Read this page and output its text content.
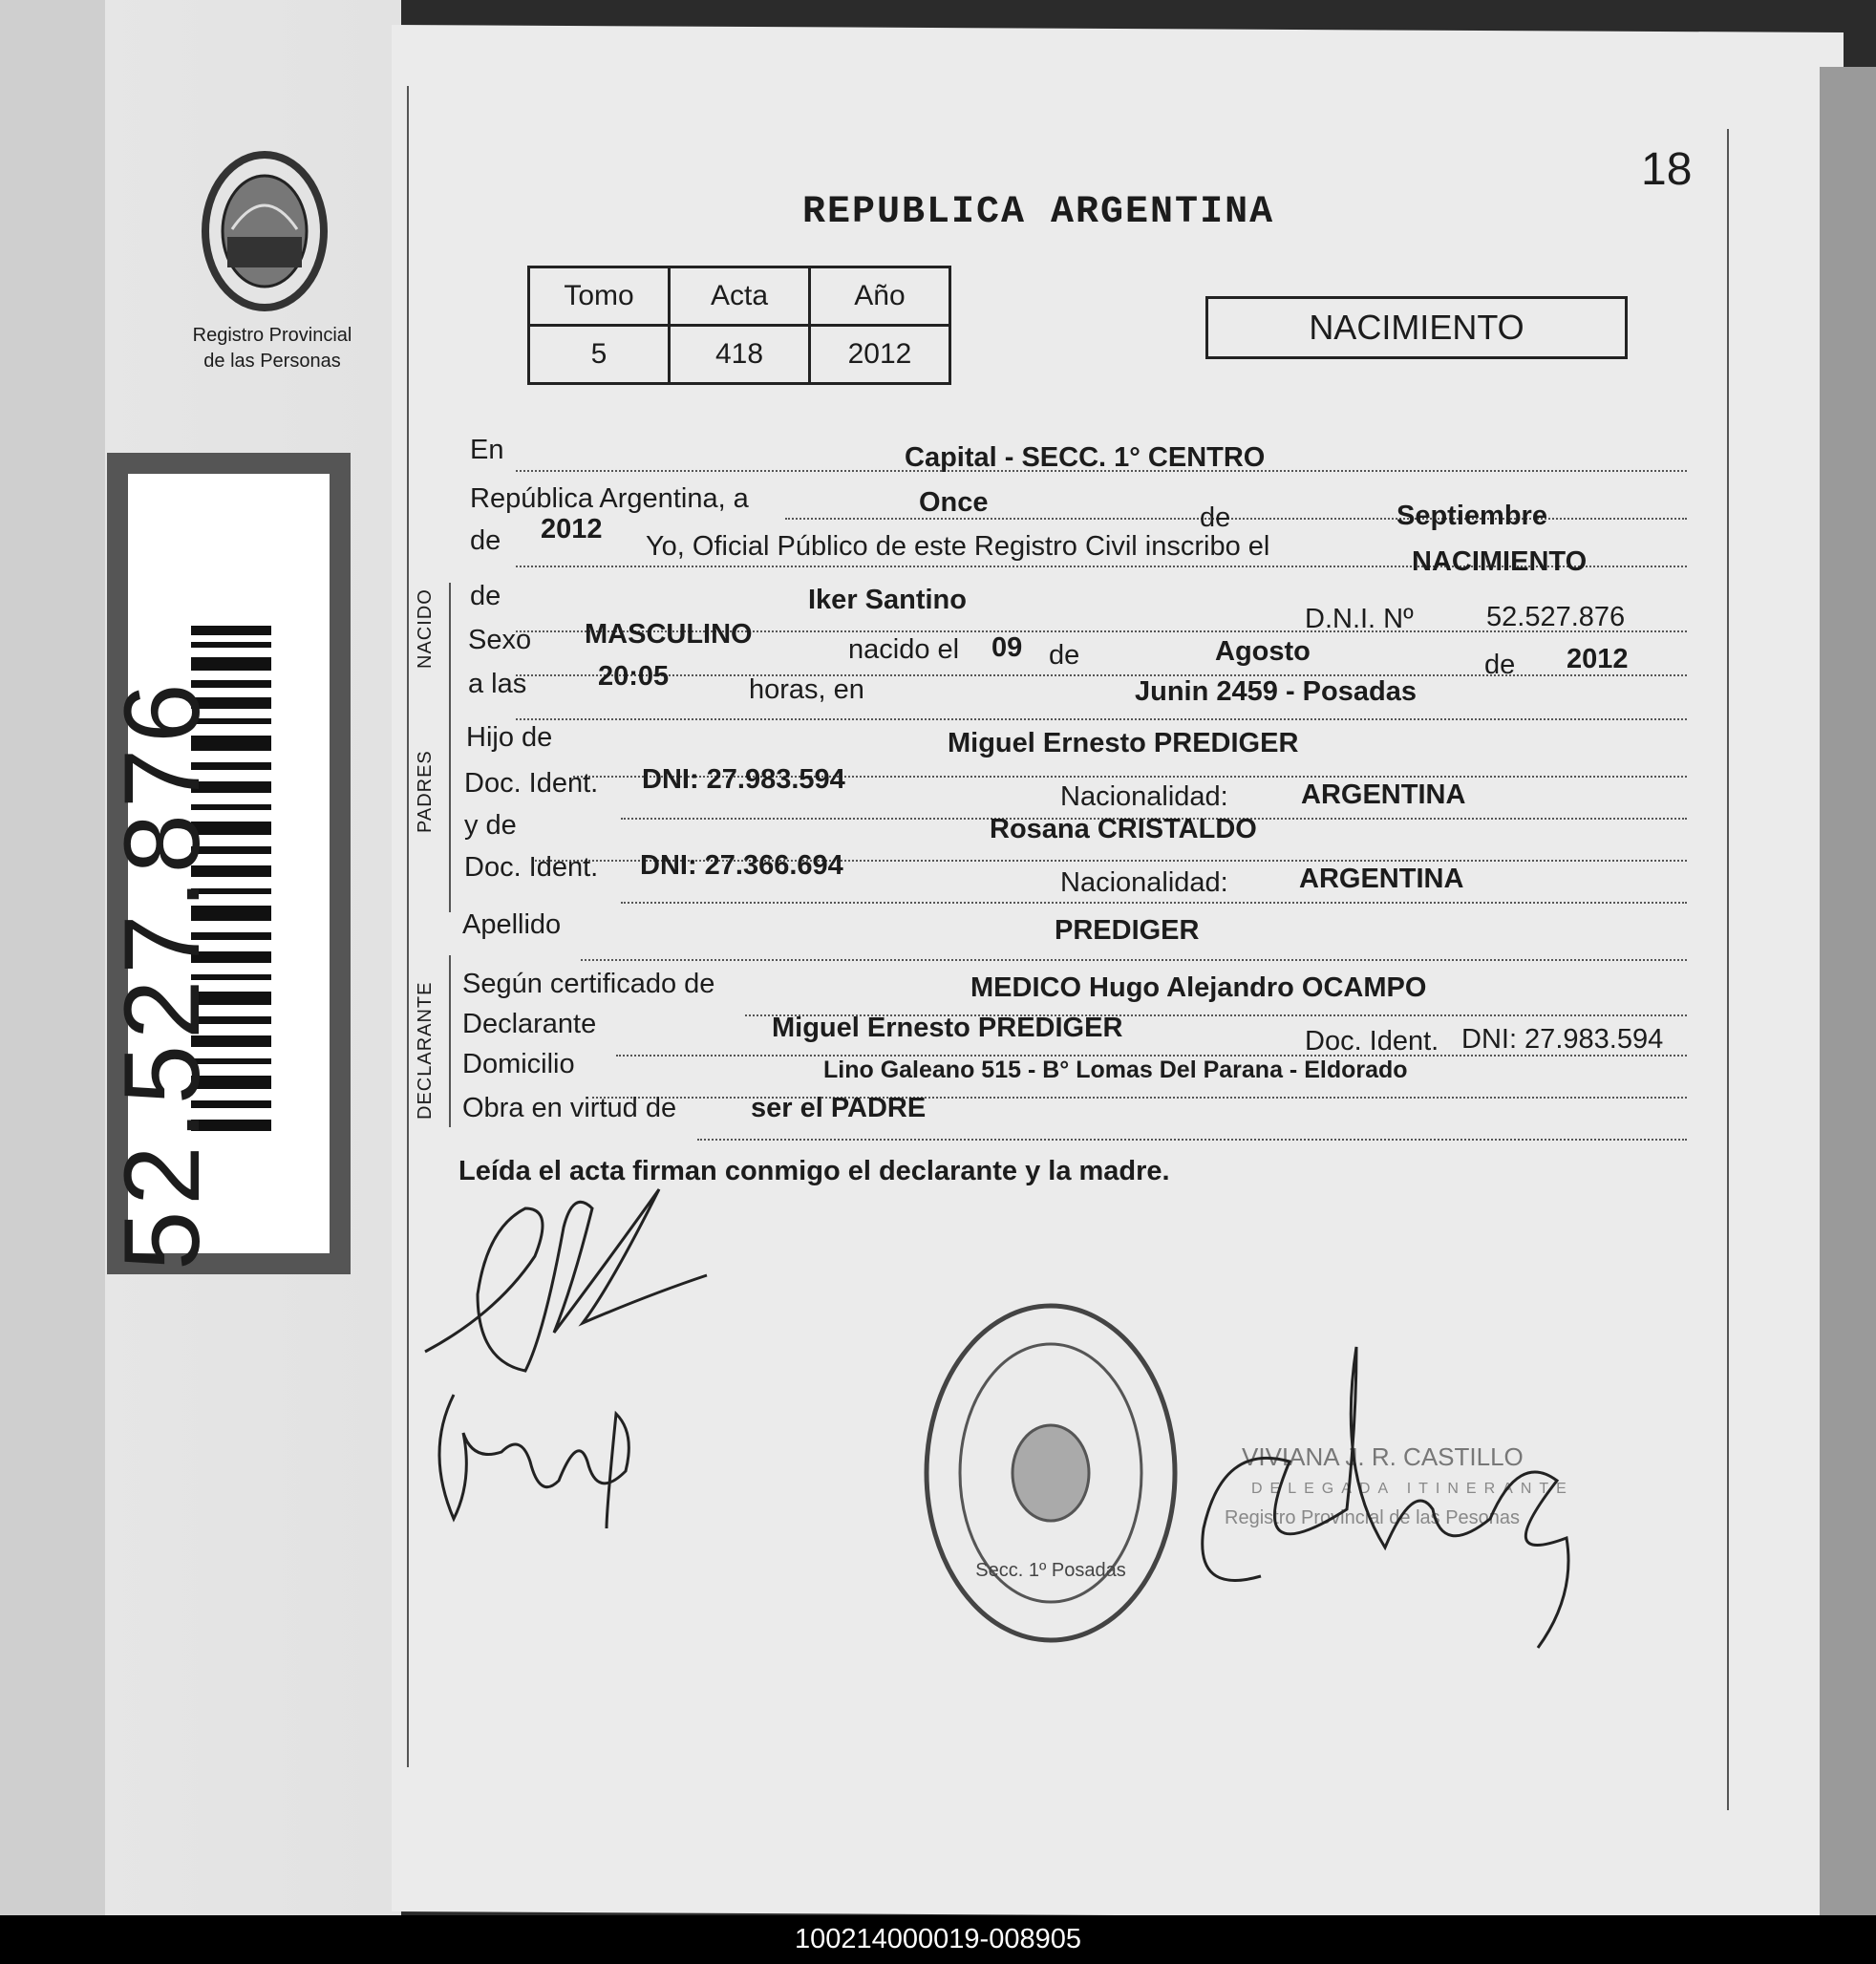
Registro Provincial
de las Personas
52.527.876
18
REPUBLICA ARGENTINA
Tomo	Acta	Año
5	418	2012
NACIMIENTO
NACIDO
PADRES
DECLARANTE
En	Capital - SECC. 1° CENTRO
República Argentina, a	Once	de	Septiembre
de 2012
Yo, Oficial Público de este Registro Civil inscribo el	NACIMIENTO
de	Iker Santino
D.N.I. Nº	52.527.876
Sexo MASCULINO	nacido el 09 de	Agosto	de 2012
a las	20:05	horas, en	Junin 2459 - Posadas
Hijo de	Miguel Ernesto PREDIGER
Doc. Ident. DNI: 27.983.594
Nacionalidad:	ARGENTINA
y de	Rosana CRISTALDO
Doc. Ident. DNI: 27.366.694
Nacionalidad:	ARGENTINA
Apellido	PREDIGER
Según certificado de	MEDICO Hugo Alejandro OCAMPO
Declarante	Miguel Ernesto PREDIGER	Doc. Ident. DNI: 27.983.594
Domicilio	Lino Galeano 515 - B° Lomas Del Parana - Eldorado
Obra en virtud de	ser el PADRE
Leída el acta firman conmigo el declarante y la madre.
Secc. 1º Posadas
VIVIANA J. R. CASTILLO
DELEGADA ITINERANTE
Registro Provincial de las Pesonas
100214000019-008905
